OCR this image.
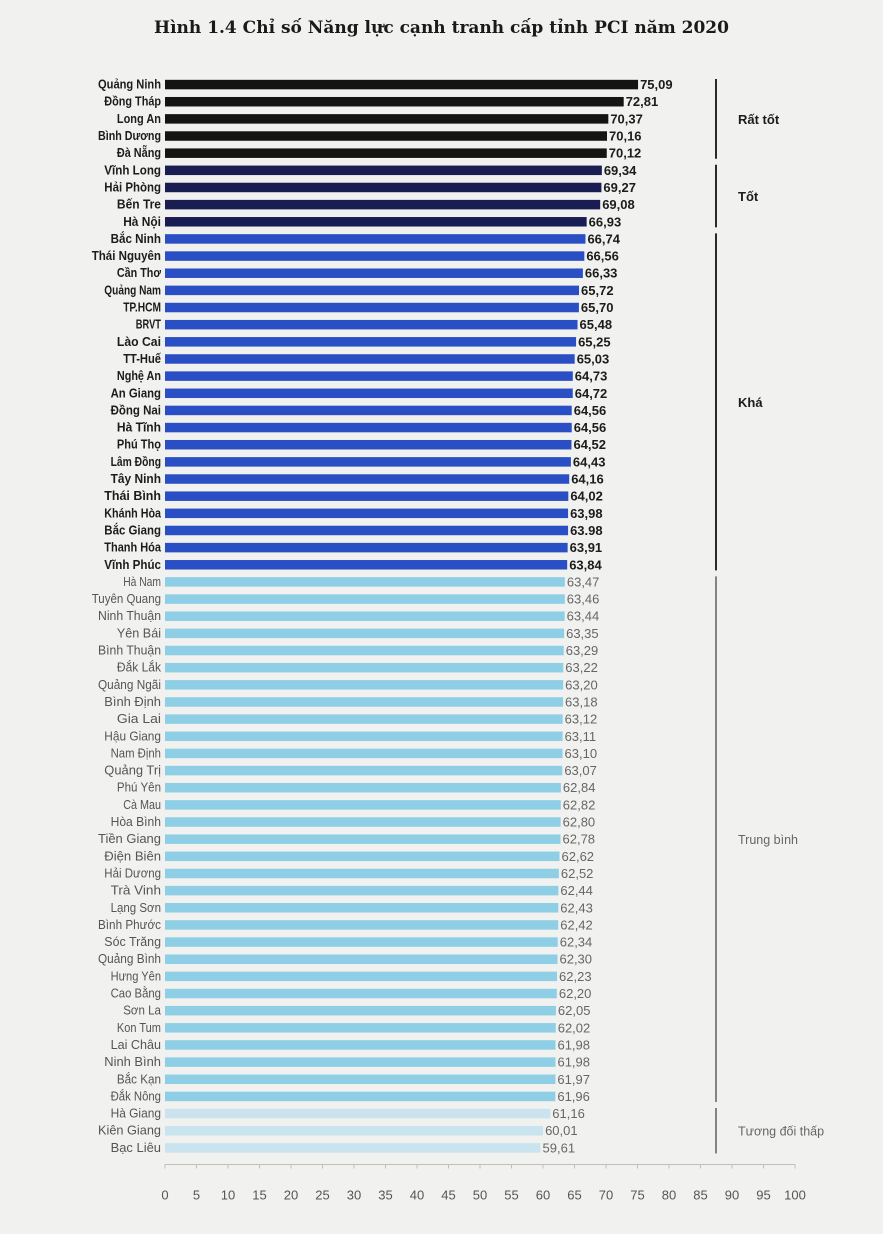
Hình 1.4 Chỉ số Năng lực cạnh tranh cấp tỉnh PCI năm 2020
Quảng Ninh	75,09
Đồng Tháp	72,81
Long An	70,37
Bình Dương	70,16
Đà Nẵng	70,12
Vĩnh Long	69,34
Hải Phòng	69,27
Bến Tre	69,08
Hà Nội	66,93
Bắc Ninh	66,74
Thái Nguyên	66,56
Cần Thơ	66,33
Quảng Nam	65,72
TP.HCM	65,70
BRVT	65,48
Lào Cai	65,25
TT-Huế	65,03
Nghệ An	64,73
An Giang	64,72
Đồng Nai	64,56
Hà Tĩnh	64,56
Phú Thọ	64,52
Lâm Đồng	64,43
Tây Ninh	64,16
Thái Bình	64,02
Khánh Hòa	63,98
Bắc Giang	63.98
Thanh Hóa	63,91
Vĩnh Phúc	63,84
Hà Nam	63,47
Tuyên Quang	63,46
Ninh Thuận	63,44
Yên Bái	63,35
Bình Thuận	63,29
Đắk Lắk	63,22
Quảng Ngãi	63,20
Bình Định	63,18
Gia Lai	63,12
Hậu Giang	63,11
Nam Định	63,10
Quảng Trị	63,07
Phú Yên	62,84
Cà Mau	62,82
Hòa Bình	62,80
Tiền Giang	62,78
Điện Biên	62,62
Hải Dương	62,52
Trà Vinh	62,44
Lạng Sơn	62,43
Bình Phước	62,42
Sóc Trăng	62,34
Quảng Bình	62,30
Hưng Yên	62,23
Cao Bằng	62,20
Sơn La	62,05
Kon Tum	62,02
Lai Châu	61,98
Ninh Bình	61,98
Bắc Kạn	61,97
Đắk Nông	61,96
Hà Giang	61,16
Kiên Giang	60,01
Bạc Liêu	59,61
0 5 10 15 20 25 30 35 40 45 50 55 60 65 70 75 80 85 90 95 100
Rất tốt
Tốt
Khá
Trung bình
Tương đối thấp
